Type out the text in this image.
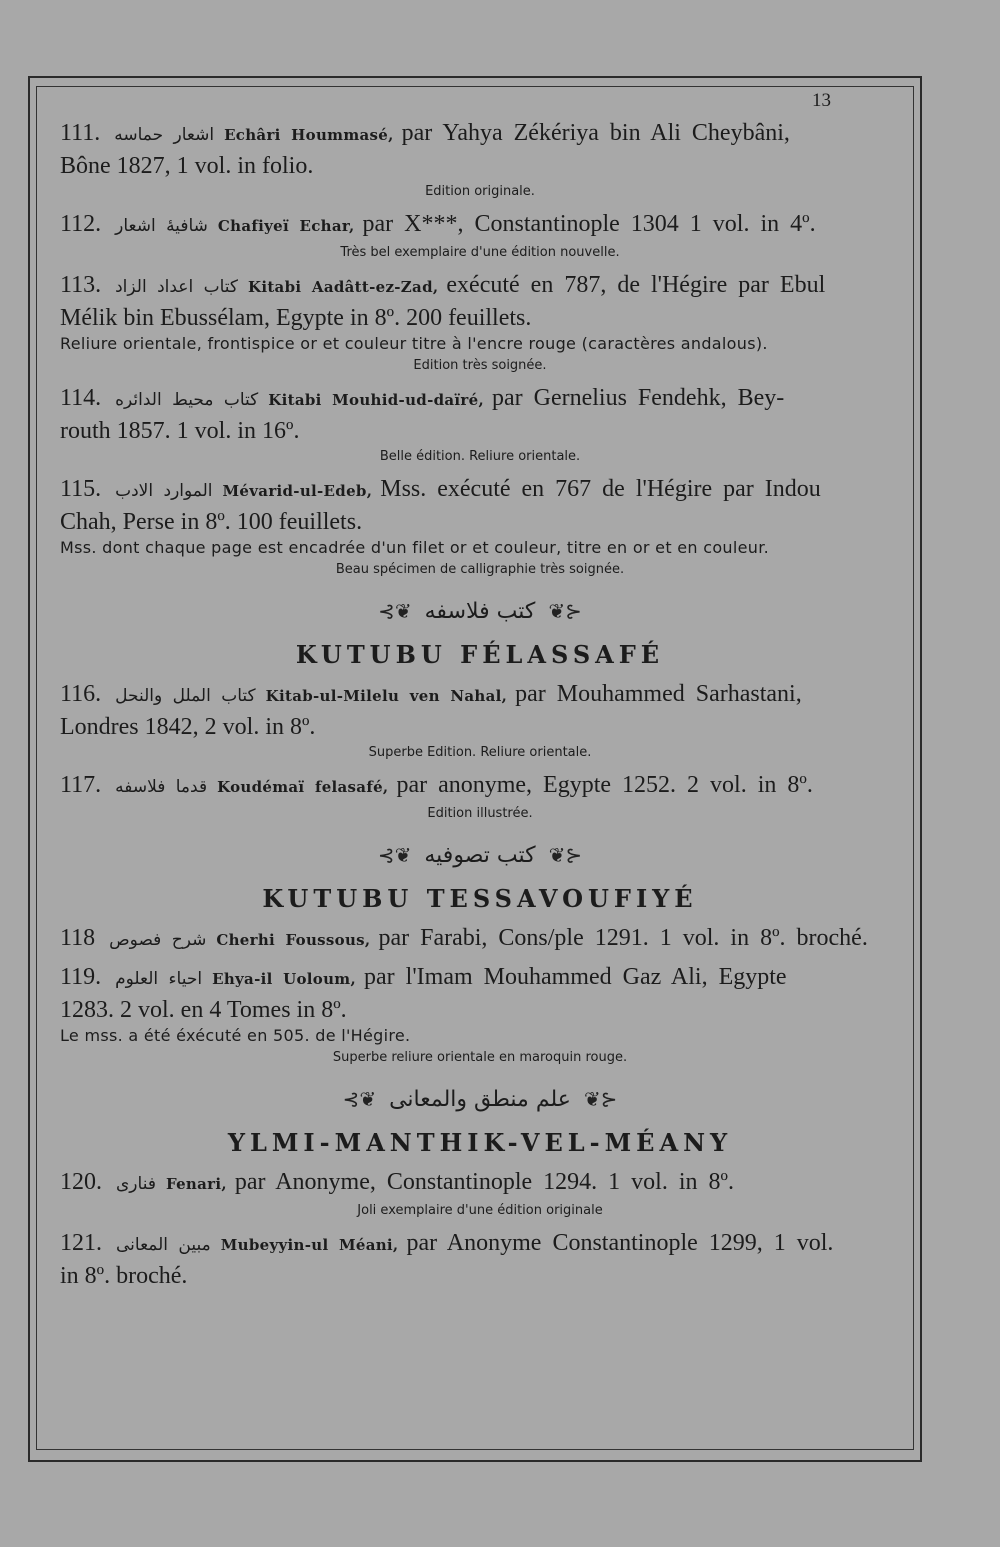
13
111. اشعار حماسه Echâri Hoummasé, par Yahya Zékériya bin Ali Cheybâni,
Bône 1827, 1 vol. in folio.
Edition originale.
112. شافیهٔ اشعار Chafiyeï Echar, par X***, Constantinople 1304 1 vol. in 4º.
Très bel exemplaire d'une édition nouvelle.
113. کتاب اعداد الزاد Kitabi Aadâtt-ez-Zad, exécuté en 787, de l'Hégire par Ebul
Mélik bin Ebussélam, Egypte in 8º. 200 feuillets.
Reliure orientale, frontispice or et couleur titre à l'encre rouge (caractères andalous).
Edition très soignée.
114. کتاب محیط الدائره Kitabi Mouhid-ud-daïré, par Gernelius Fendehk, Bey-
routh 1857. 1 vol. in 16º.
Belle édition. Reliure orientale.
115. الموارد الادب Mévarid-ul-Edeb, Mss. exécuté en 767 de l'Hégire par Indou
Chah, Perse in 8º. 100 feuillets.
Mss. dont chaque page est encadrée d'un filet or et couleur, titre en or et en couleur.
Beau spécimen de calligraphie très soignée.
⊰❦ کتب فلاسفه ❦⊱
KUTUBU FÉLASSAFÉ
116. کتاب الملل والنحل Kitab-ul-Milelu ven Nahal, par Mouhammed Sarhastani,
Londres 1842, 2 vol. in 8º.
Superbe Edition. Reliure orientale.
117. قدما فلاسفه Koudémaï felasafé, par anonyme, Egypte 1252. 2 vol. in 8º.
Edition illustrée.
⊰❦ کتب تصوفیه ❦⊱
KUTUBU TESSAVOUFIYÉ
118 شرح فصوص Cherhi Foussous, par Farabi, Cons/ple 1291. 1 vol. in 8º. broché.
119. احیاء العلوم Ehya-il Uoloum, par l'Imam Mouhammed Gaz Ali, Egypte
1283. 2 vol. en 4 Tomes in 8º.
Le mss. a été éxécuté en 505. de l'Hégire.
Superbe reliure orientale en maroquin rouge.
⊰❦ علم منطق والمعانی ❦⊱
YLMI-MANTHIK-VEL-MÉANY
120. فناری Fenari, par Anonyme, Constantinople 1294. 1 vol. in 8º.
Joli exemplaire d'une édition originale
121. مبین المعانی Mubeyyin-ul Méani, par Anonyme Constantinople 1299, 1 vol.
in 8º. broché.
